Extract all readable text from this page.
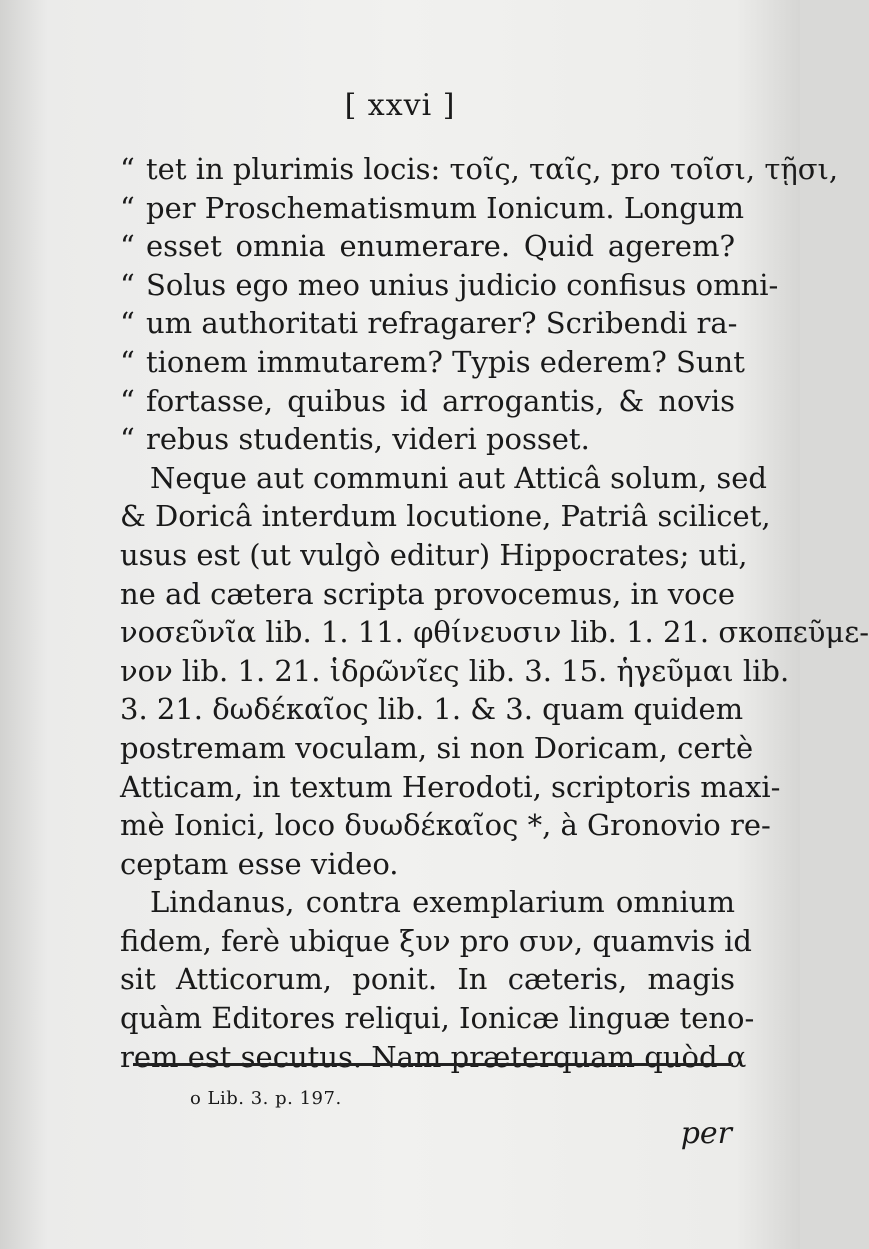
[ xxvi ]
“ tet in plurimis locis: τοῖς, ταῖς, pro τοῖσι, τῇσι,
“ per Proschematismum Ionicum. Longum
“ esset omnia enumerare. Quid agerem?
“ Solus ego meo unius judicio confisus omni-
“ um authoritati refragarer? Scribendi ra-
“ tionem immutarem? Typis ederem? Sunt
“ fortasse, quibus id arrogantis, & novis
“ rebus studentis, videri posset.
Neque aut communi aut Atticâ solum, sed
& Doricâ interdum locutione, Patriâ scilicet,
usus est (ut vulgò editur) Hippocrates; uti,
ne ad cætera scripta provocemus, in voce
νοσεῦνῖα lib. 1. 11. φθίνευσιν lib. 1. 21. σκοπεῦμε-
νον lib. 1. 21. ἱδρῶνῖες lib. 3. 15. ἡγεῦμαι lib.
3. 21. δωδέκαῖος lib. 1. & 3. quam quidem
postremam voculam, si non Doricam, certè
Atticam, in textum Herodoti, scriptoris maxi-
mè Ionici, loco δυωδέκαῖος *, à Gronovio re-
ceptam esse video.
Lindanus, contra exemplarium omnium
fidem, ferè ubique ξυν pro συν, quamvis id
sit Atticorum, ponit. In cæteris, magis
quàm Editores reliqui, Ionicæ linguæ teno-
rem est secutus. Nam præterquam quòd α
o Lib. 3. p. 197.
per
